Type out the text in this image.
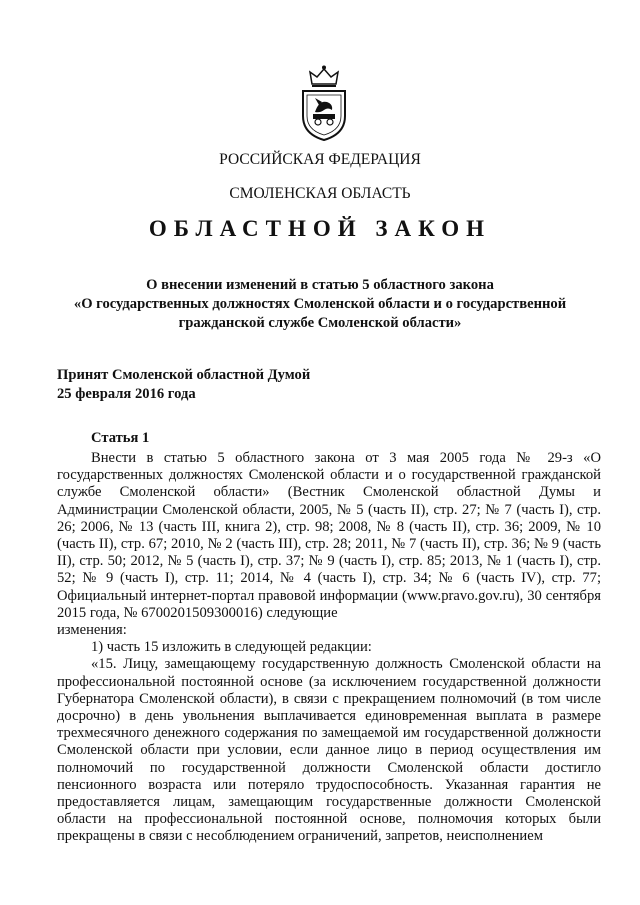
РОССИЙСКАЯ ФЕДЕРАЦИЯ
СМОЛЕНСКАЯ ОБЛАСТЬ
ОБЛАСТНОЙ ЗАКОН
О внесении изменений в статью 5 областного закона
«О государственных должностях Смоленской области и о государственной
гражданской службе Смоленской области»
Принят Смоленской областной Думой
25 февраля 2016 года
Статья 1

Внести в статью 5 областного закона от 3 мая 2005 года № 29-з «О государственных должностях Смоленской области и о государственной гражданской службе Смоленской области» (Вестник Смоленской областной Думы и Администрации Смоленской области, 2005, № 5 (часть II), стр. 27; № 7 (часть I), стр. 26; 2006, № 13 (часть III, книга 2), стр. 98; 2008, № 8 (часть II), стр. 36; 2009, № 10 (часть II), стр. 67; 2010, № 2 (часть III), стр. 28; 2011, № 7 (часть II), стр. 36; № 9 (часть II), стр. 50; 2012, № 5 (часть I), стр. 37; № 9 (часть I), стр. 85; 2013, № 1 (часть I), стр. 52; № 9 (часть I), стр. 11; 2014, № 4 (часть I), стр. 34; № 6 (часть IV), стр. 77; Официальный интернет-портал правовой информации (www.pravo.gov.ru), 30 сентября 2015 года, № 6700201509300016) следующие

изменения:

1) часть 15 изложить в следующей редакции:

«15. Лицу, замещающему государственную должность Смоленской области на профессиональной постоянной основе (за исключением государственной должности Губернатора Смоленской области), в связи с прекращением полномочий (в том числе досрочно) в день увольнения выплачивается единовременная выплата в размере трехмесячного денежного содержания по замещаемой им государственной должности Смоленской области при условии, если данное лицо в период осуществления им полномочий по государственной должности Смоленской области достигло пенсионного возраста или потеряло трудоспособность. Указанная гарантия не предоставляется лицам, замещающим государственные должности Смоленской области на профессиональной постоянной основе, полномочия которых были прекращены в связи с несоблюдением ограничений, запретов, неисполнением
